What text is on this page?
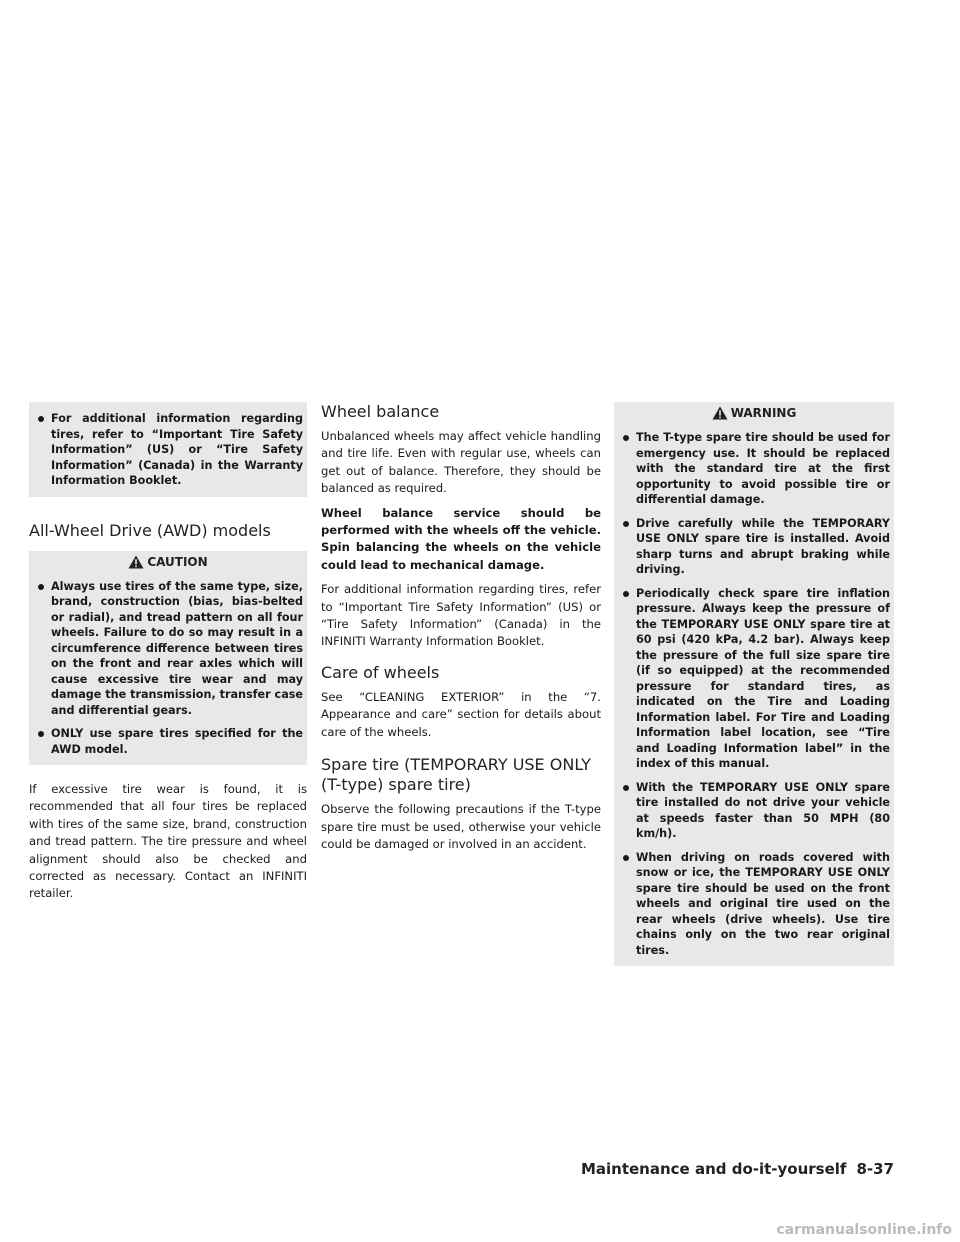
For additional information regarding tires, refer to “Important Tire Safety Information” (US) or “Tire Safety Information” (Canada) in the Warranty Information Booklet.
All-Wheel Drive (AWD) models
CAUTION
Always use tires of the same type, size, brand, construction (bias, bias-belted or radial), and tread pattern on all four wheels. Failure to do so may result in a circumference difference between tires on the front and rear axles which will cause excessive tire wear and may damage the transmission, transfer case and differential gears.
ONLY use spare tires specified for the AWD model.

If excessive tire wear is found, it is recommended that all four tires be replaced with tires of the same size, brand, construction and tread pattern. The tire pressure and wheel alignment should also be checked and corrected as necessary. Contact an INFINITI retailer.

Wheel balance

Unbalanced wheels may affect vehicle handling and tire life. Even with regular use, wheels can get out of balance. Therefore, they should be balanced as required.

Wheel balance service should be performed with the wheels off the vehicle. Spin balancing the wheels on the vehicle could lead to mechanical damage.

For additional information regarding tires, refer to “Important Tire Safety Information” (US) or “Tire Safety Information” (Canada) in the INFINITI Warranty Information Booklet.

Care of wheels

See “CLEANING EXTERIOR” in the “7. Appearance and care” section for details about care of the wheels.

Spare tire (TEMPORARY USE ONLY (T-type) spare tire)

Observe the following precautions if the T-type spare tire must be used, otherwise your vehicle could be damaged or involved in an accident.

WARNING
The T-type spare tire should be used for emergency use. It should be replaced with the standard tire at the first opportunity to avoid possible tire or differential damage.
Drive carefully while the TEMPORARY USE ONLY spare tire is installed. Avoid sharp turns and abrupt braking while driving.
Periodically check spare tire inflation pressure. Always keep the pressure of the TEMPORARY USE ONLY spare tire at 60 psi (420 kPa, 4.2 bar). Always keep the pressure of the full size spare tire (if so equipped) at the recommended pressure for standard tires, as indicated on the Tire and Loading Information label. For Tire and Loading Information label location, see “Tire and Loading Information label” in the index of this manual.
With the TEMPORARY USE ONLY spare tire installed do not drive your vehicle at speeds faster than 50 MPH (80 km/h).
When driving on roads covered with snow or ice, the TEMPORARY USE ONLY spare tire should be used on the front wheels and original tire used on the rear wheels (drive wheels). Use tire chains only on the two rear original tires.
Maintenance and do-it-yourself 8-37
carmanualsonline.info
